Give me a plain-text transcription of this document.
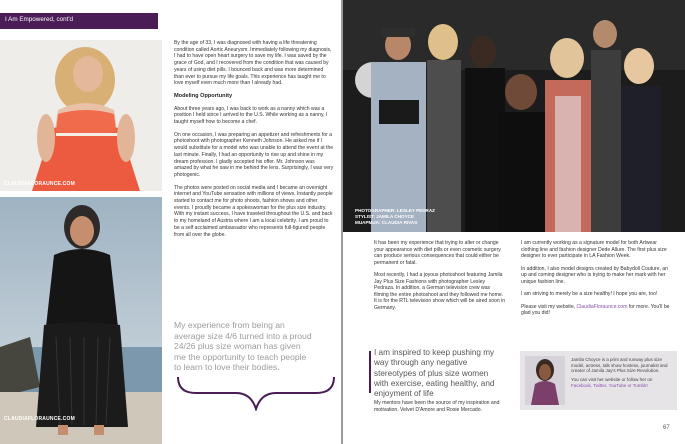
I Am Empowered, cont'd
CLAUDIAFLORAUNCE.COM
CLAUDIAFLORAUNCE.COM

By the age of 33, I was diagnosed with having a life threatening condition called Aortic Aneurysm. Immediately following my diagnosis, I had to have open heart surgery to save my life. I was saved by the grace of God, and I recovered from the condition that was caused by years of using diet pills. I bounced back and was more determined than ever to pursue my life goals. This experience has taught me to love myself even much more than I already had.

Modeling Opportunity

About three years ago, I was back to work as a nanny which was a position I held since I arrived to the U.S. While working as a nanny, I taught myself how to become a chef.

On one occasion, I was preparing an appetizer and refreshments for a photoshoot with photographer Kenneth Johnson. He asked me if I would substitute for a model who was unable to attend the event at the last minute. Finally, I had an opportunity to rise up and shine in my dream profession. I gladly accepted his offer. Mr. Johnson was amazed by what he saw in me behind the lens. Surprisingly, I was very photogenic.

The photos were posted on social media and I became an overnight internet and YouTube sensation with millions of views. Instantly people started to contact me for photo shoots, fashion shows and other events. I proudly became a spokeswoman for the plus size industry. With my instant success, I have traveled throughout the U.S. and back to my homeland of Austria where I am a local celebrity. I am proud to be a self acclaimed ambassador who represents full-figured people from all over the globe.

My experience from being an average size 4/6 turned into a proud 24/26 plus size woman has given me the opportunity to teach people to learn to love their bodies.
PHOTOGRAPHER: LESLEY PEDRAZ
STYLIST: JAMILA CHOYCE
MUAPMUA: CLAUDIA RIVAS

It has been my experience that trying to alter or change your appearance with diet pills or even cosmetic surgery can produce serious consequences that could either be permanent or fatal.

Most recently, I had a joyous photoshoot featuring Jamila Jay Plus Size Fashions with photographer Lesley Pedraza. In addition, a German television crew was filming the entire photoshoot and they followed me home. It is for the RTL television show which will be aired soon in Germany.

I am inspired to keep pushing my way through any negative stereotypes of plus size women with exercise, eating healthy, and enjoyment of life

My mentors have been the source of my inspiration and motivation. Velvet D'Amore and Rosie Mercado.

I am currently working as a signature model for both Artwear clothing line and fashion designer Dede Allure. The first plus size designer to ever participate in LA Fashion Week.

In addition, I also model designs created by Babydoll Couture, an up and coming designer who is trying to make her mark with her unique fashion line.

I am striving to merely be a size healthy! I hope you are, too!

Please visit my website, ClaudiaFloraunce.com for more. You'll be glad you did!

Jamila Choyce is a print and runway plus size model, actress, talk show hostess, journalist and creator of Jamila Jay's Plus Size Revolution.

You can visit her website or follow her on Facebook, Twitter, YouTube or Tumblr!

67
